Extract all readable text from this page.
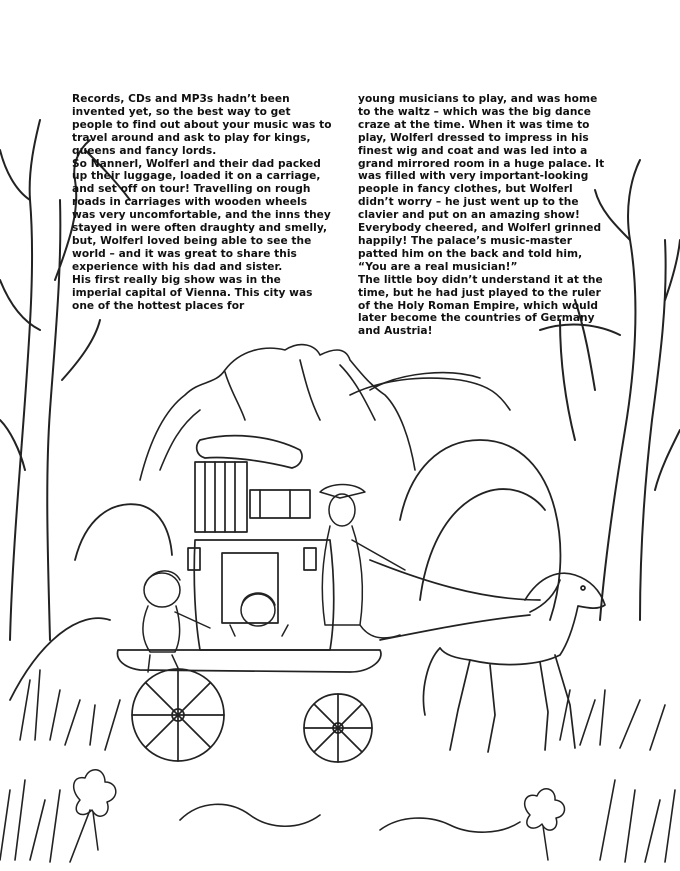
Records, CDs and MP3s hadn’t been invented yet, so the best way to get people to find out about your music was to travel around and ask to play for kings, queens and fancy lords.

So Nannerl, Wolferl and their dad packed up their luggage, loaded it on a carriage, and set off on tour! Travelling on rough roads in carriages with wooden wheels was very uncomfortable, and the inns they stayed in were often draughty and smelly, but, Wolferl loved being able to see the world – and it was great to share this experience with his dad and sister.

His first really big show was in the imperial capital of Vienna. This city was one of the hottest places for

young musicians to play, and was home to the waltz – which was the big dance craze at the time. When it was time to play, Wolferl dressed to impress in his finest wig and coat and was led into a grand mirrored room in a huge palace. It was filled with very important-looking people in fancy clothes, but Wolferl didn’t worry – he just went up to the clavier and put on an amazing show! Everybody cheered, and Wolferl grinned happily! The palace’s music-master patted him on the back and told him, “You are a real musician!”

The little boy didn’t understand it at the time, but he had just played to the ruler of the Holy Roman Empire, which would later become the countries of Germany and Austria!
